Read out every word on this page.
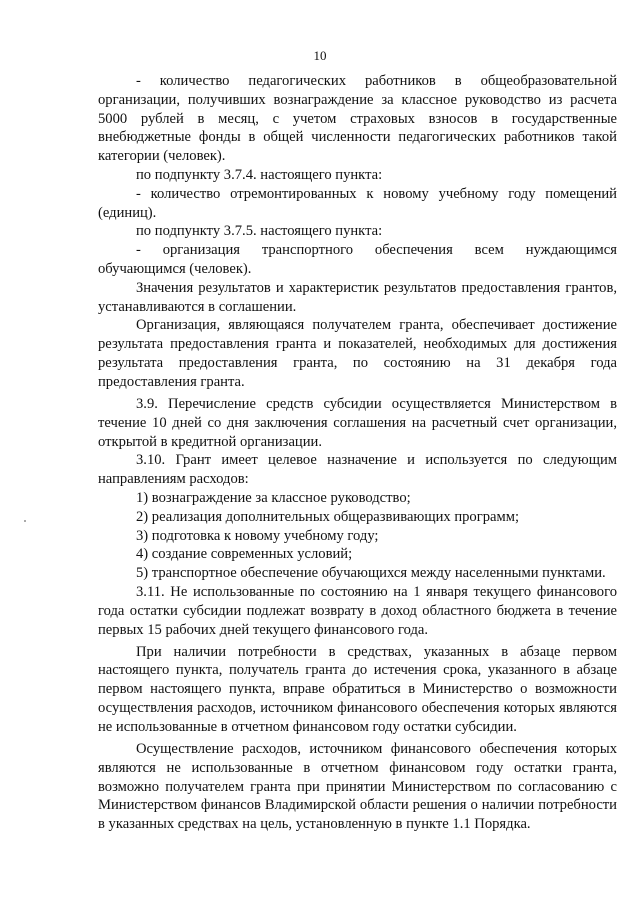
10

- количество педагогических работников в общеобразовательной организации, получивших вознаграждение за классное руководство из расчета 5000 рублей в месяц, с учетом страховых взносов в государственные внебюджетные фонды в общей численности педагогических работников такой категории (человек).

по подпункту 3.7.4. настоящего пункта:

- количество отремонтированных к новому учебному году помещений (единиц).

по подпункту 3.7.5. настоящего пункта:

- организация транспортного обеспечения всем нуждающимся обучающимся (человек).

Значения результатов и характеристик результатов предоставления грантов, устанавливаются в соглашении.

Организация, являющаяся получателем гранта, обеспечивает достижение результата предоставления гранта и показателей, необходимых для достижения результата предоставления гранта, по состоянию на 31 декабря года предоставления гранта.

3.9. Перечисление средств субсидии осуществляется Министерством в течение 10 дней со дня заключения соглашения на расчетный счет организации, открытой в кредитной организации.

3.10. Грант имеет целевое назначение и используется по следующим направлениям расходов:

1) вознаграждение за классное руководство;

2) реализация дополнительных общеразвивающих программ;

3) подготовка к новому учебному году;

4) создание современных условий;

5) транспортное обеспечение обучающихся между населенными пунктами.

3.11. Не использованные по состоянию на 1 января текущего финансового года остатки субсидии подлежат возврату в доход областного бюджета в течение первых 15 рабочих дней текущего финансового года.

При наличии потребности в средствах, указанных в абзаце первом настоящего пункта, получатель гранта до истечения срока, указанного в абзаце первом настоящего пункта, вправе обратиться в Министерство о возможности осуществления расходов, источником финансового обеспечения которых являются не использованные в отчетном финансовом году остатки субсидии.

Осуществление расходов, источником финансового обеспечения которых являются не использованные в отчетном финансовом году остатки гранта, возможно получателем гранта при принятии Министерством по согласованию с Министерством финансов Владимирской области решения о наличии потребности в указанных средствах на цель, установленную в пункте 1.1 Порядка.
